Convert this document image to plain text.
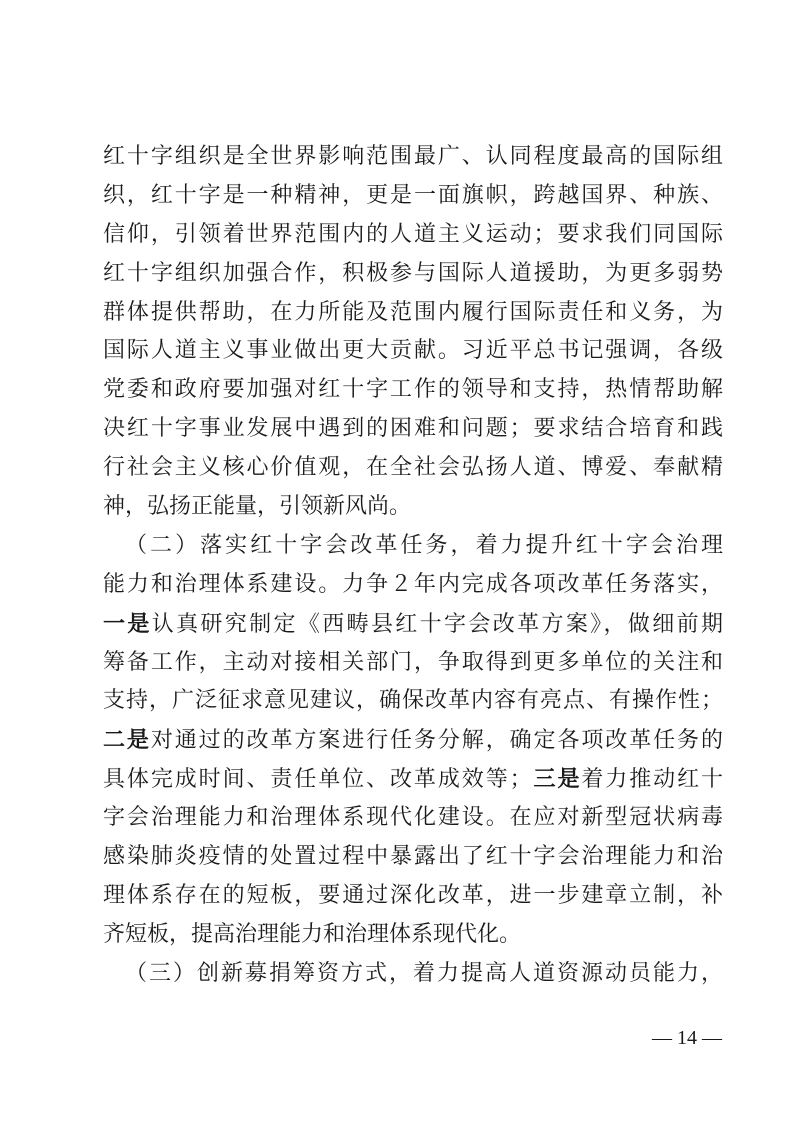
红十字组织是全世界影响范围最广、认同程度最高的国际组
织，红十字是一种精神，更是一面旗帜，跨越国界、种族、
信仰，引领着世界范围内的人道主义运动；要求我们同国际
红十字组织加强合作，积极参与国际人道援助，为更多弱势
群体提供帮助，在力所能及范围内履行国际责任和义务，为
国际人道主义事业做出更大贡献。习近平总书记强调，各级
党委和政府要加强对红十字工作的领导和支持，热情帮助解
决红十字事业发展中遇到的困难和问题；要求结合培育和践
行社会主义核心价值观，在全社会弘扬人道、博爱、奉献精
神，弘扬正能量，引领新风尚。
（二）落实红十字会改革任务，着力提升红十字会治理
能力和治理体系建设。力争２年内完成各项改革任务落实，
一是认真研究制定《西畴县红十字会改革方案》，做细前期
筹备工作，主动对接相关部门，争取得到更多单位的关注和
支持，广泛征求意见建议，确保改革内容有亮点、有操作性；
二是对通过的改革方案进行任务分解，确定各项改革任务的
具体完成时间、责任单位、改革成效等；三是着力推动红十
字会治理能力和治理体系现代化建设。在应对新型冠状病毒
感染肺炎疫情的处置过程中暴露出了红十字会治理能力和治
理体系存在的短板，要通过深化改革，进一步建章立制，补
齐短板，提高治理能力和治理体系现代化。
（三）创新募捐筹资方式，着力提高人道资源动员能力，
— 14 —
